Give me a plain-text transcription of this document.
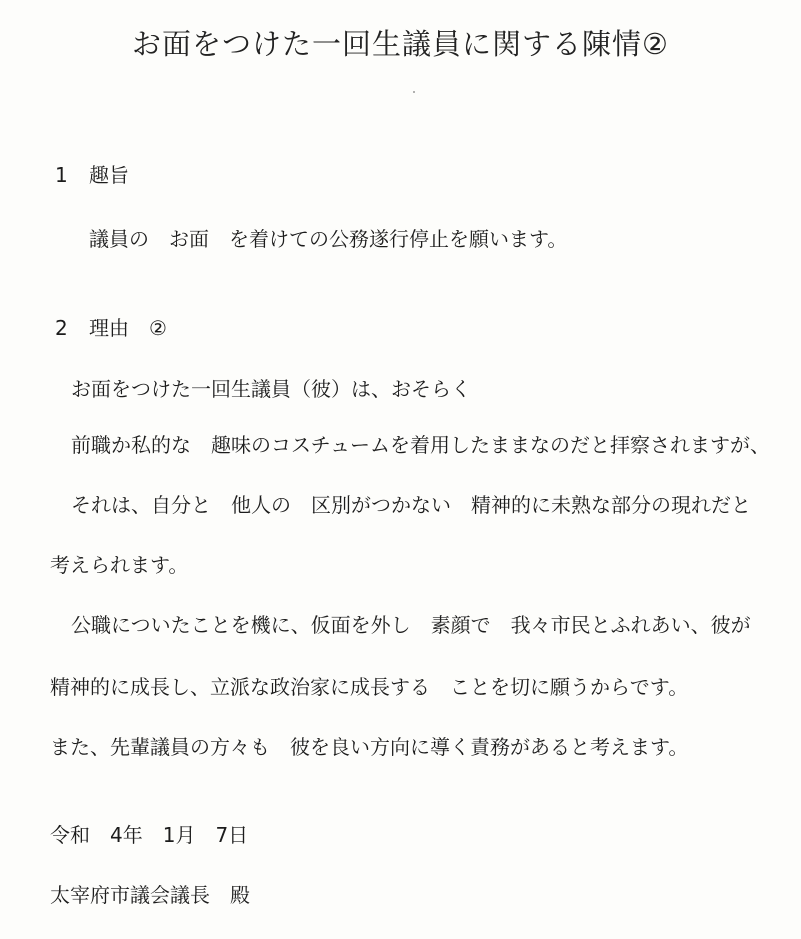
お面をつけた一回生議員に関する陳情②
1 趣旨
議員の　お面　を着けての公務遂行停止を願います。
2 理由　②
お面をつけた一回生議員（彼）は、おそらく
前職か私的な　趣味のコスチュームを着用したままなのだと拝察されますが、
それは、自分と　他人の　区別がつかない　精神的に未熟な部分の現れだと
考えられます。
公職についたことを機に、仮面を外し　素顔で　我々市民とふれあい、彼が
精神的に成長し、立派な政治家に成長する　ことを切に願うからです。
また、先輩議員の方々も　彼を良い方向に導く責務があると考えます。
令和　4年　1月　7日
太宰府市議会議長　殿
